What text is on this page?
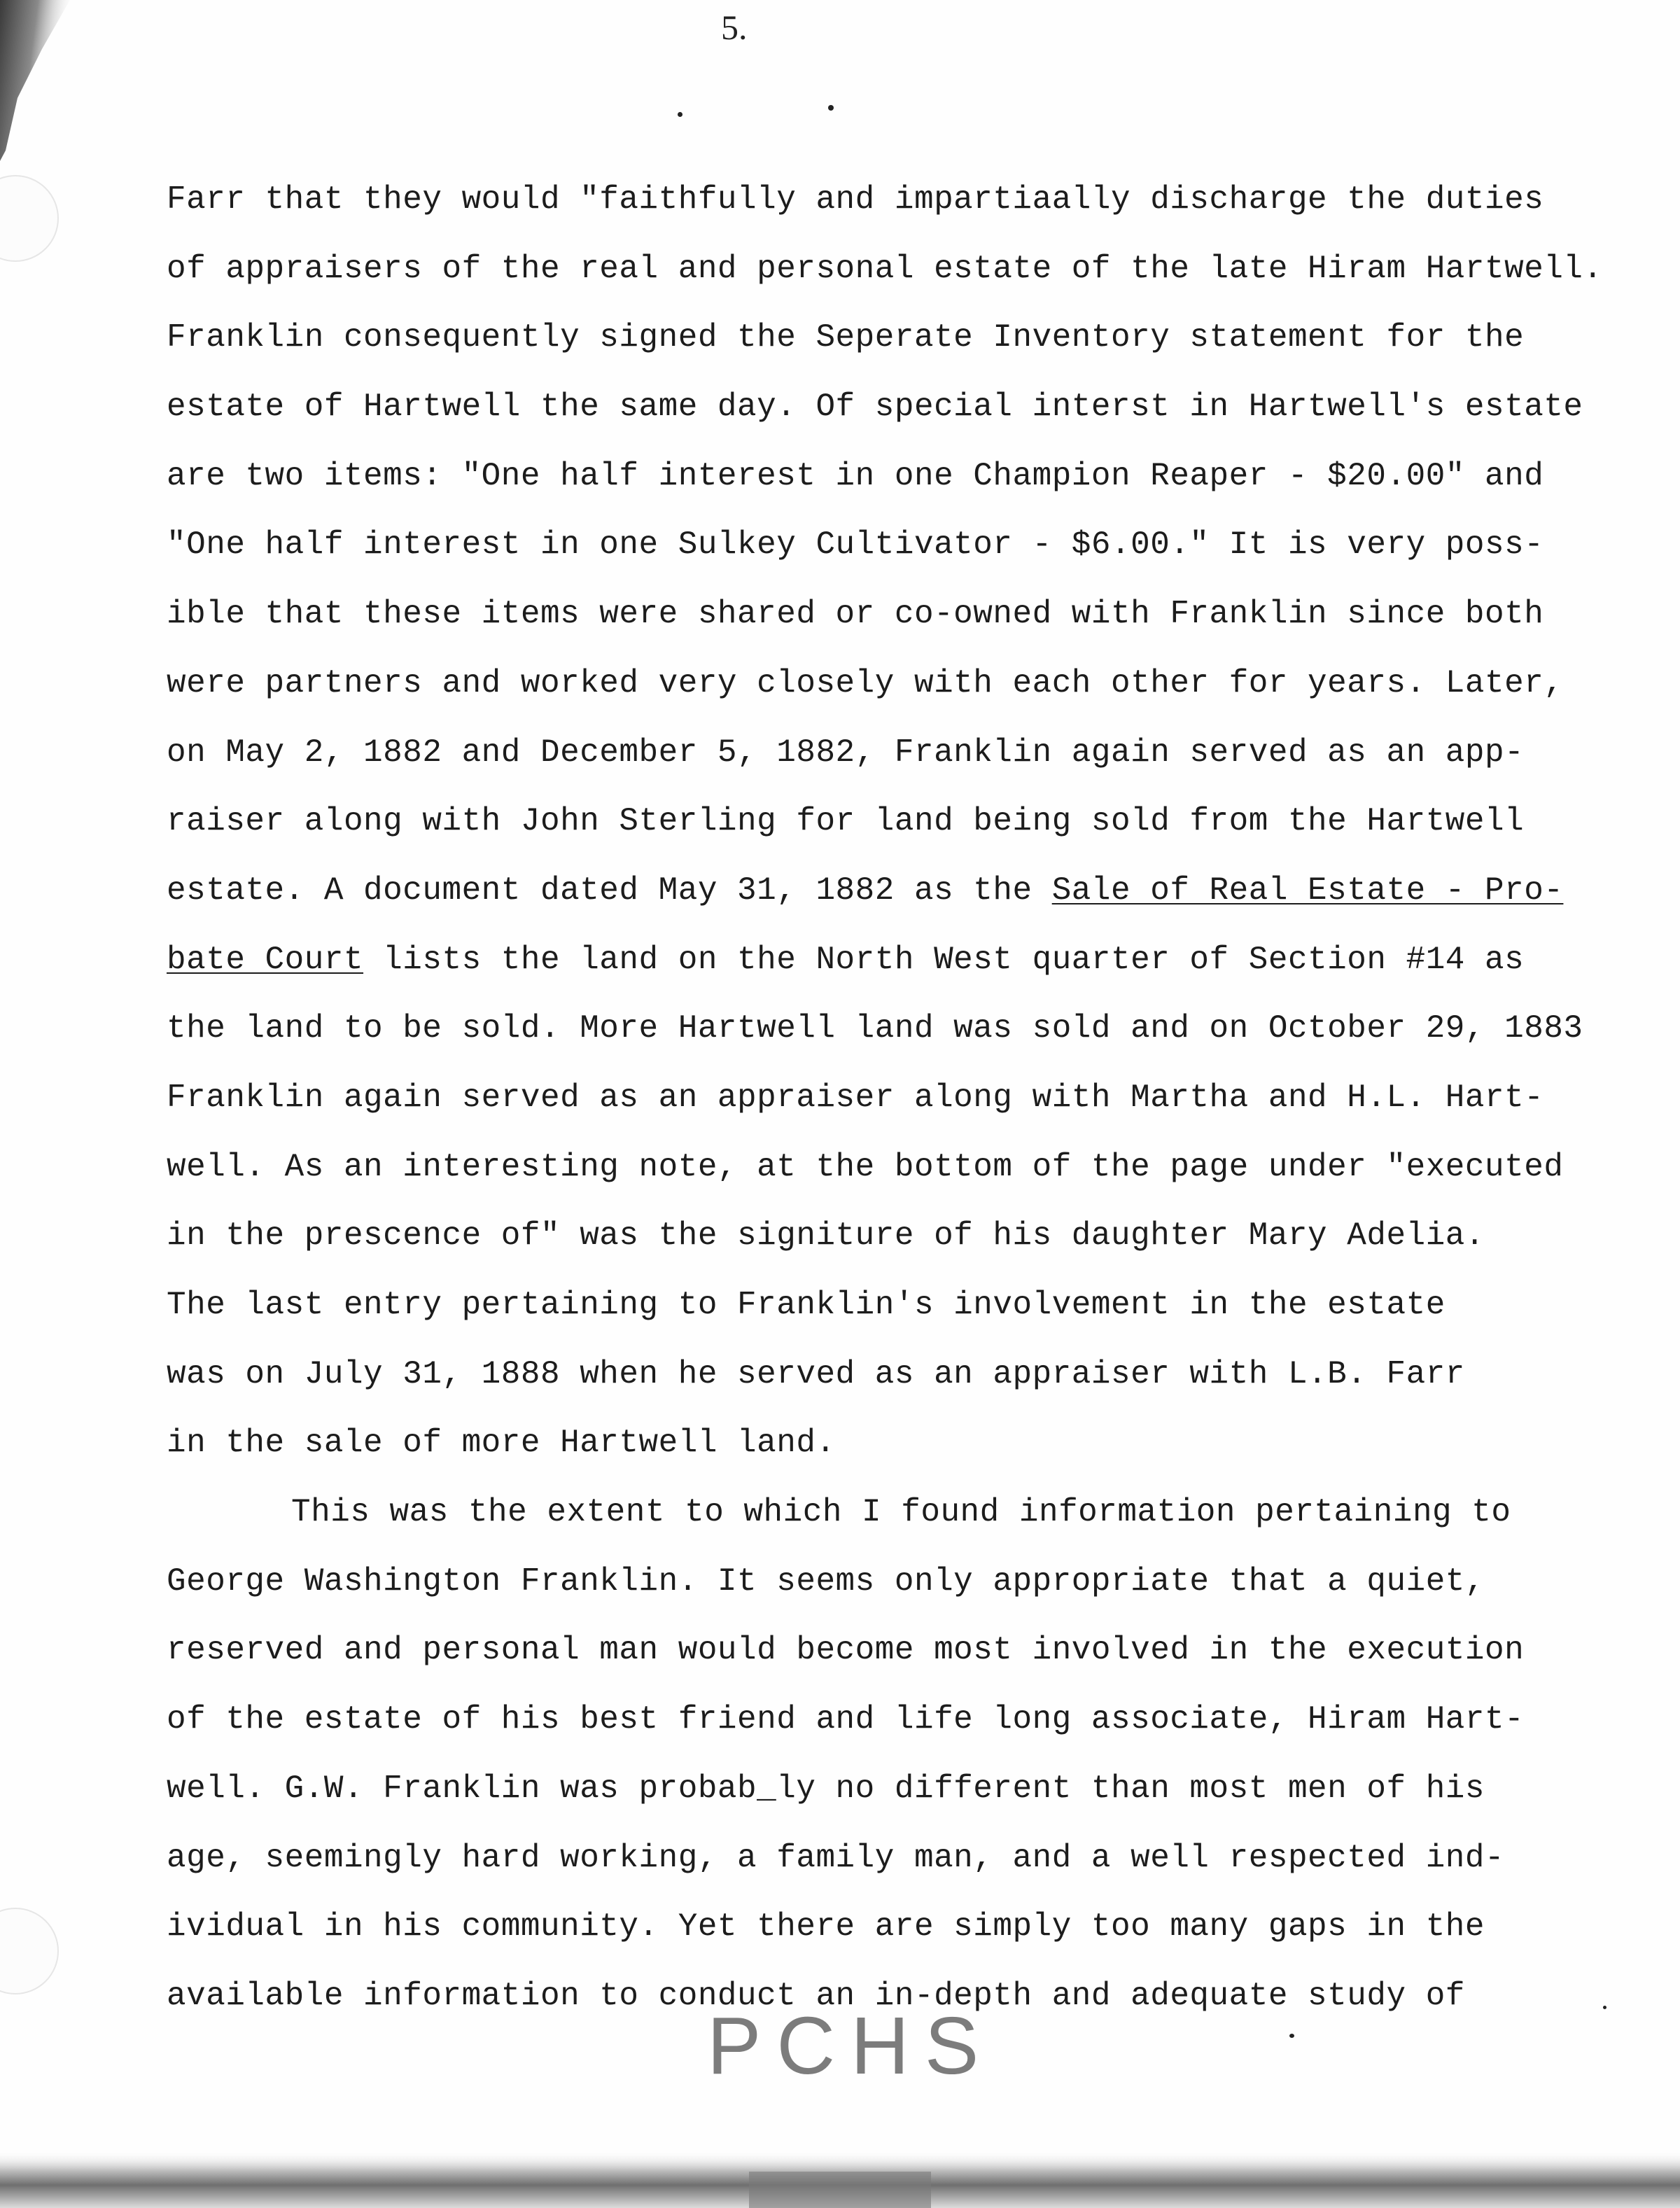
5.
Farr that they would "faithfully and impartiaally discharge the duties
of appraisers of the real and personal estate of the late Hiram Hartwell.
Franklin consequently signed the Seperate Inventory statement for the
estate of Hartwell the same day. Of special interst in Hartwell's estate
are two items: "One half interest in one Champion Reaper - $20.00" and
"One half interest in one Sulkey Cultivator - $6.00." It is very poss-
ible that these items were shared or co-owned with Franklin since both
were partners and worked very closely with each other for years. Later,
on May 2, 1882 and December 5, 1882, Franklin again served as an app-
raiser along with John Sterling for land being sold from the Hartwell
estate. A document dated May 31, 1882 as the Sale of Real Estate - Pro-
bate Court lists the land on the North West quarter of Section #14 as
the land to be sold. More Hartwell land was sold and on October 29, 1883
Franklin again served as an appraiser along with Martha and H.L. Hart-
well. As an interesting note, at the bottom of the page under "executed
in the prescence of" was the signiture of his daughter Mary Adelia.
The last entry pertaining to Franklin's involvement in the estate
was on July 31, 1888 when he served as an appraiser with L.B. Farr
in the sale of more Hartwell land.
This was the extent to which I found information pertaining to
George Washington Franklin. It seems only appropriate that a quiet,
reserved and personal man would become most involved in the execution
of the estate of his best friend and life long associate, Hiram Hart-
well. G.W. Franklin was probab_ly no different than most men of his
age, seemingly hard working, a family man, and a well respected ind-
ividual in his community. Yet there are simply too many gaps in the
available information to conduct an in-depth and adequate study of
PCHS
